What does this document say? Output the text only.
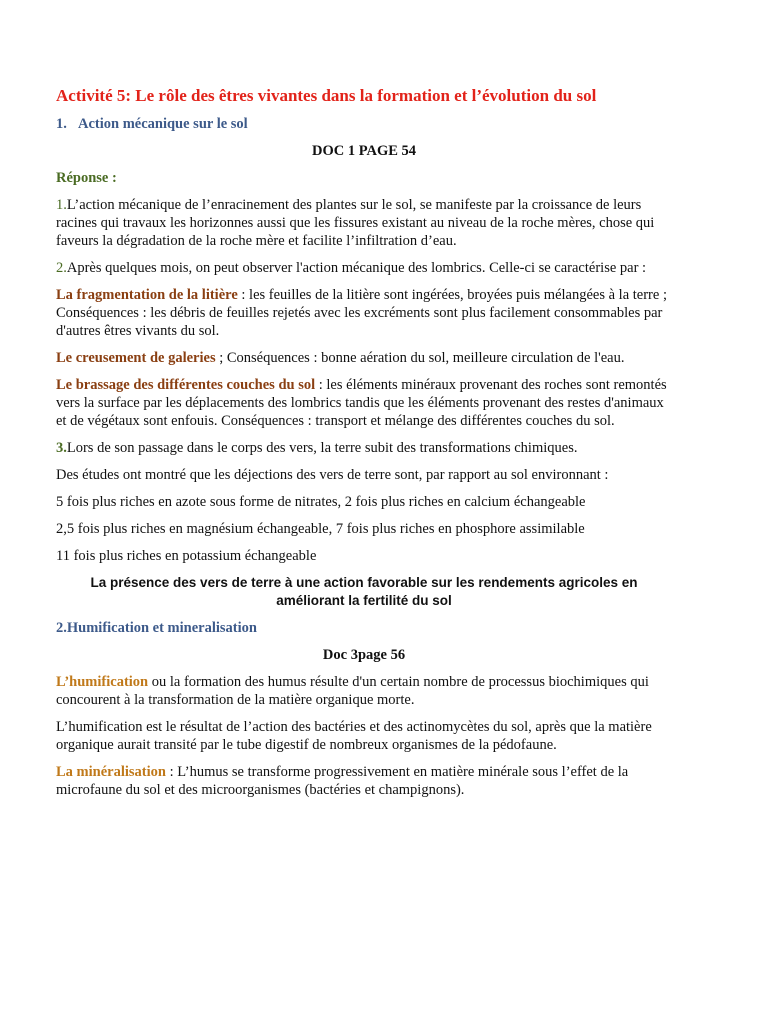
Activité 5: Le rôle des êtres vivantes dans la formation et l’évolution du sol
1. Action mécanique sur le sol
DOC 1 PAGE 54
Réponse :

1.L’action mécanique de l’enracinement des plantes sur le sol, se manifeste par la croissance de leurs racines qui travaux les horizonnes aussi que les fissures existant au niveau de la roche mères, chose qui faveurs la dégradation de la roche mère et facilite l’infiltration d’eau.

2.Après quelques mois, on peut observer l'action mécanique des lombrics. Celle-ci se caractérise par :

La fragmentation de la litière : les feuilles de la litière sont ingérées, broyées puis mélangées à la terre ; Conséquences : les débris de feuilles rejetés avec les excréments sont plus facilement consommables par d'autres êtres vivants du sol.

Le creusement de galeries ; Conséquences : bonne aération du sol, meilleure circulation de l'eau.

Le brassage des différentes couches du sol : les éléments minéraux provenant des roches sont remontés vers la surface par les déplacements des lombrics tandis que les éléments provenant des restes d'animaux et de végétaux sont enfouis. Conséquences : transport et mélange des différentes couches du sol.

3.Lors de son passage dans le corps des vers, la terre subit des transformations chimiques.

Des études ont montré que les déjections des vers de terre sont, par rapport au sol environnant :

5 fois plus riches en azote sous forme de nitrates, 2 fois plus riches en calcium échangeable

2,5 fois plus riches en magnésium échangeable, 7 fois plus riches en phosphore assimilable

11 fois plus riches en potassium échangeable

La présence des vers de terre à une action favorable sur les rendements agricoles en améliorant la fertilité du sol

2.Humification et mineralisation
Doc 3page 56

L’humification ou la formation des humus résulte d'un certain nombre de processus biochimiques qui concourent à la transformation de la matière organique morte.

L’humification est le résultat de l’action des bactéries et des actinomycètes du sol, après que la matière organique aurait transité par le tube digestif de nombreux organismes de la pédofaune.

La minéralisation : L’humus se transforme progressivement en matière minérale sous l’effet de la microfaune du sol et des microorganismes (bactéries et champignons).
